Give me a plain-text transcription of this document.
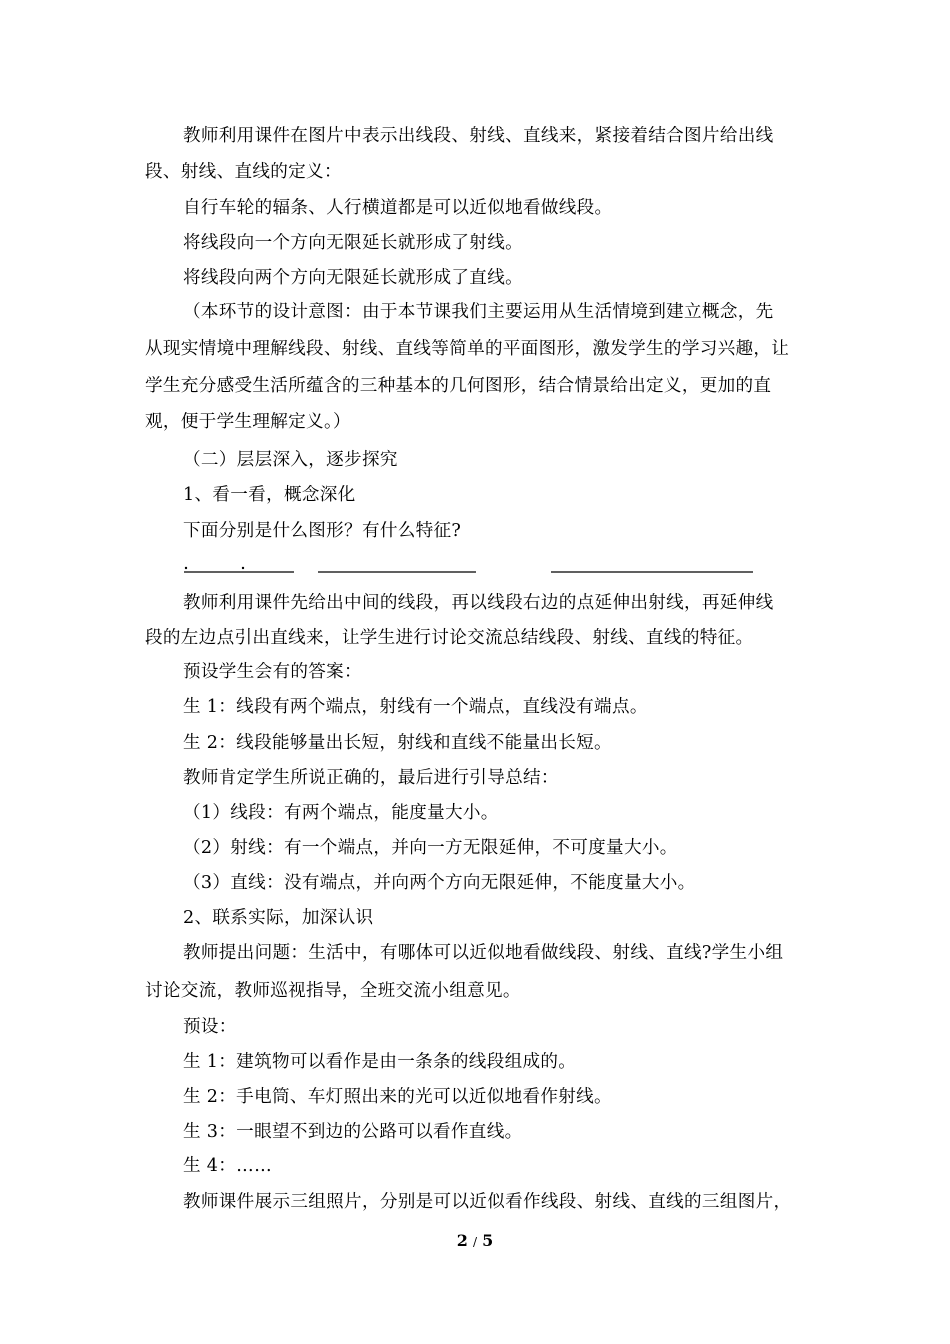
教师利用课件在图片中表示出线段、射线、直线来，紧接着结合图片给出线
段、射线、直线的定义：
自行车轮的辐条、人行横道都是可以近似地看做线段。
将线段向一个方向无限延长就形成了射线。
将线段向两个方向无限延长就形成了直线。
（本环节的设计意图：由于本节课我们主要运用从生活情境到建立概念，先
从现实情境中理解线段、射线、直线等简单的平面图形，激发学生的学习兴趣，让
学生充分感受生活所蕴含的三种基本的几何图形，结合情景给出定义，更加的直
观，便于学生理解定义。）
（二）层层深入，逐步探究
1、看一看，概念深化
下面分别是什么图形？有什么特征?
教师利用课件先给出中间的线段，再以线段右边的点延伸出射线，再延伸线
段的左边点引出直线来，让学生进行讨论交流总结线段、射线、直线的特征。
预设学生会有的答案：
生 1：线段有两个端点，射线有一个端点，直线没有端点。
生 2：线段能够量出长短，射线和直线不能量出长短。
教师肯定学生所说正确的，最后进行引导总结：
（1）线段：有两个端点，能度量大小。
（2）射线：有一个端点，并向一方无限延伸，不可度量大小。
（3）直线：没有端点，并向两个方向无限延伸，不能度量大小。
2、联系实际，加深认识
教师提出问题：生活中，有哪体可以近似地看做线段、射线、直线?学生小组
讨论交流，教师巡视指导，全班交流小组意见。
预设：
生 1：建筑物可以看作是由一条条的线段组成的。
生 2：手电筒、车灯照出来的光可以近似地看作射线。
生 3：一眼望不到边的公路可以看作直线。
生 4：……
教师课件展示三组照片，分别是可以近似看作线段、射线、直线的三组图片，
2 / 5
